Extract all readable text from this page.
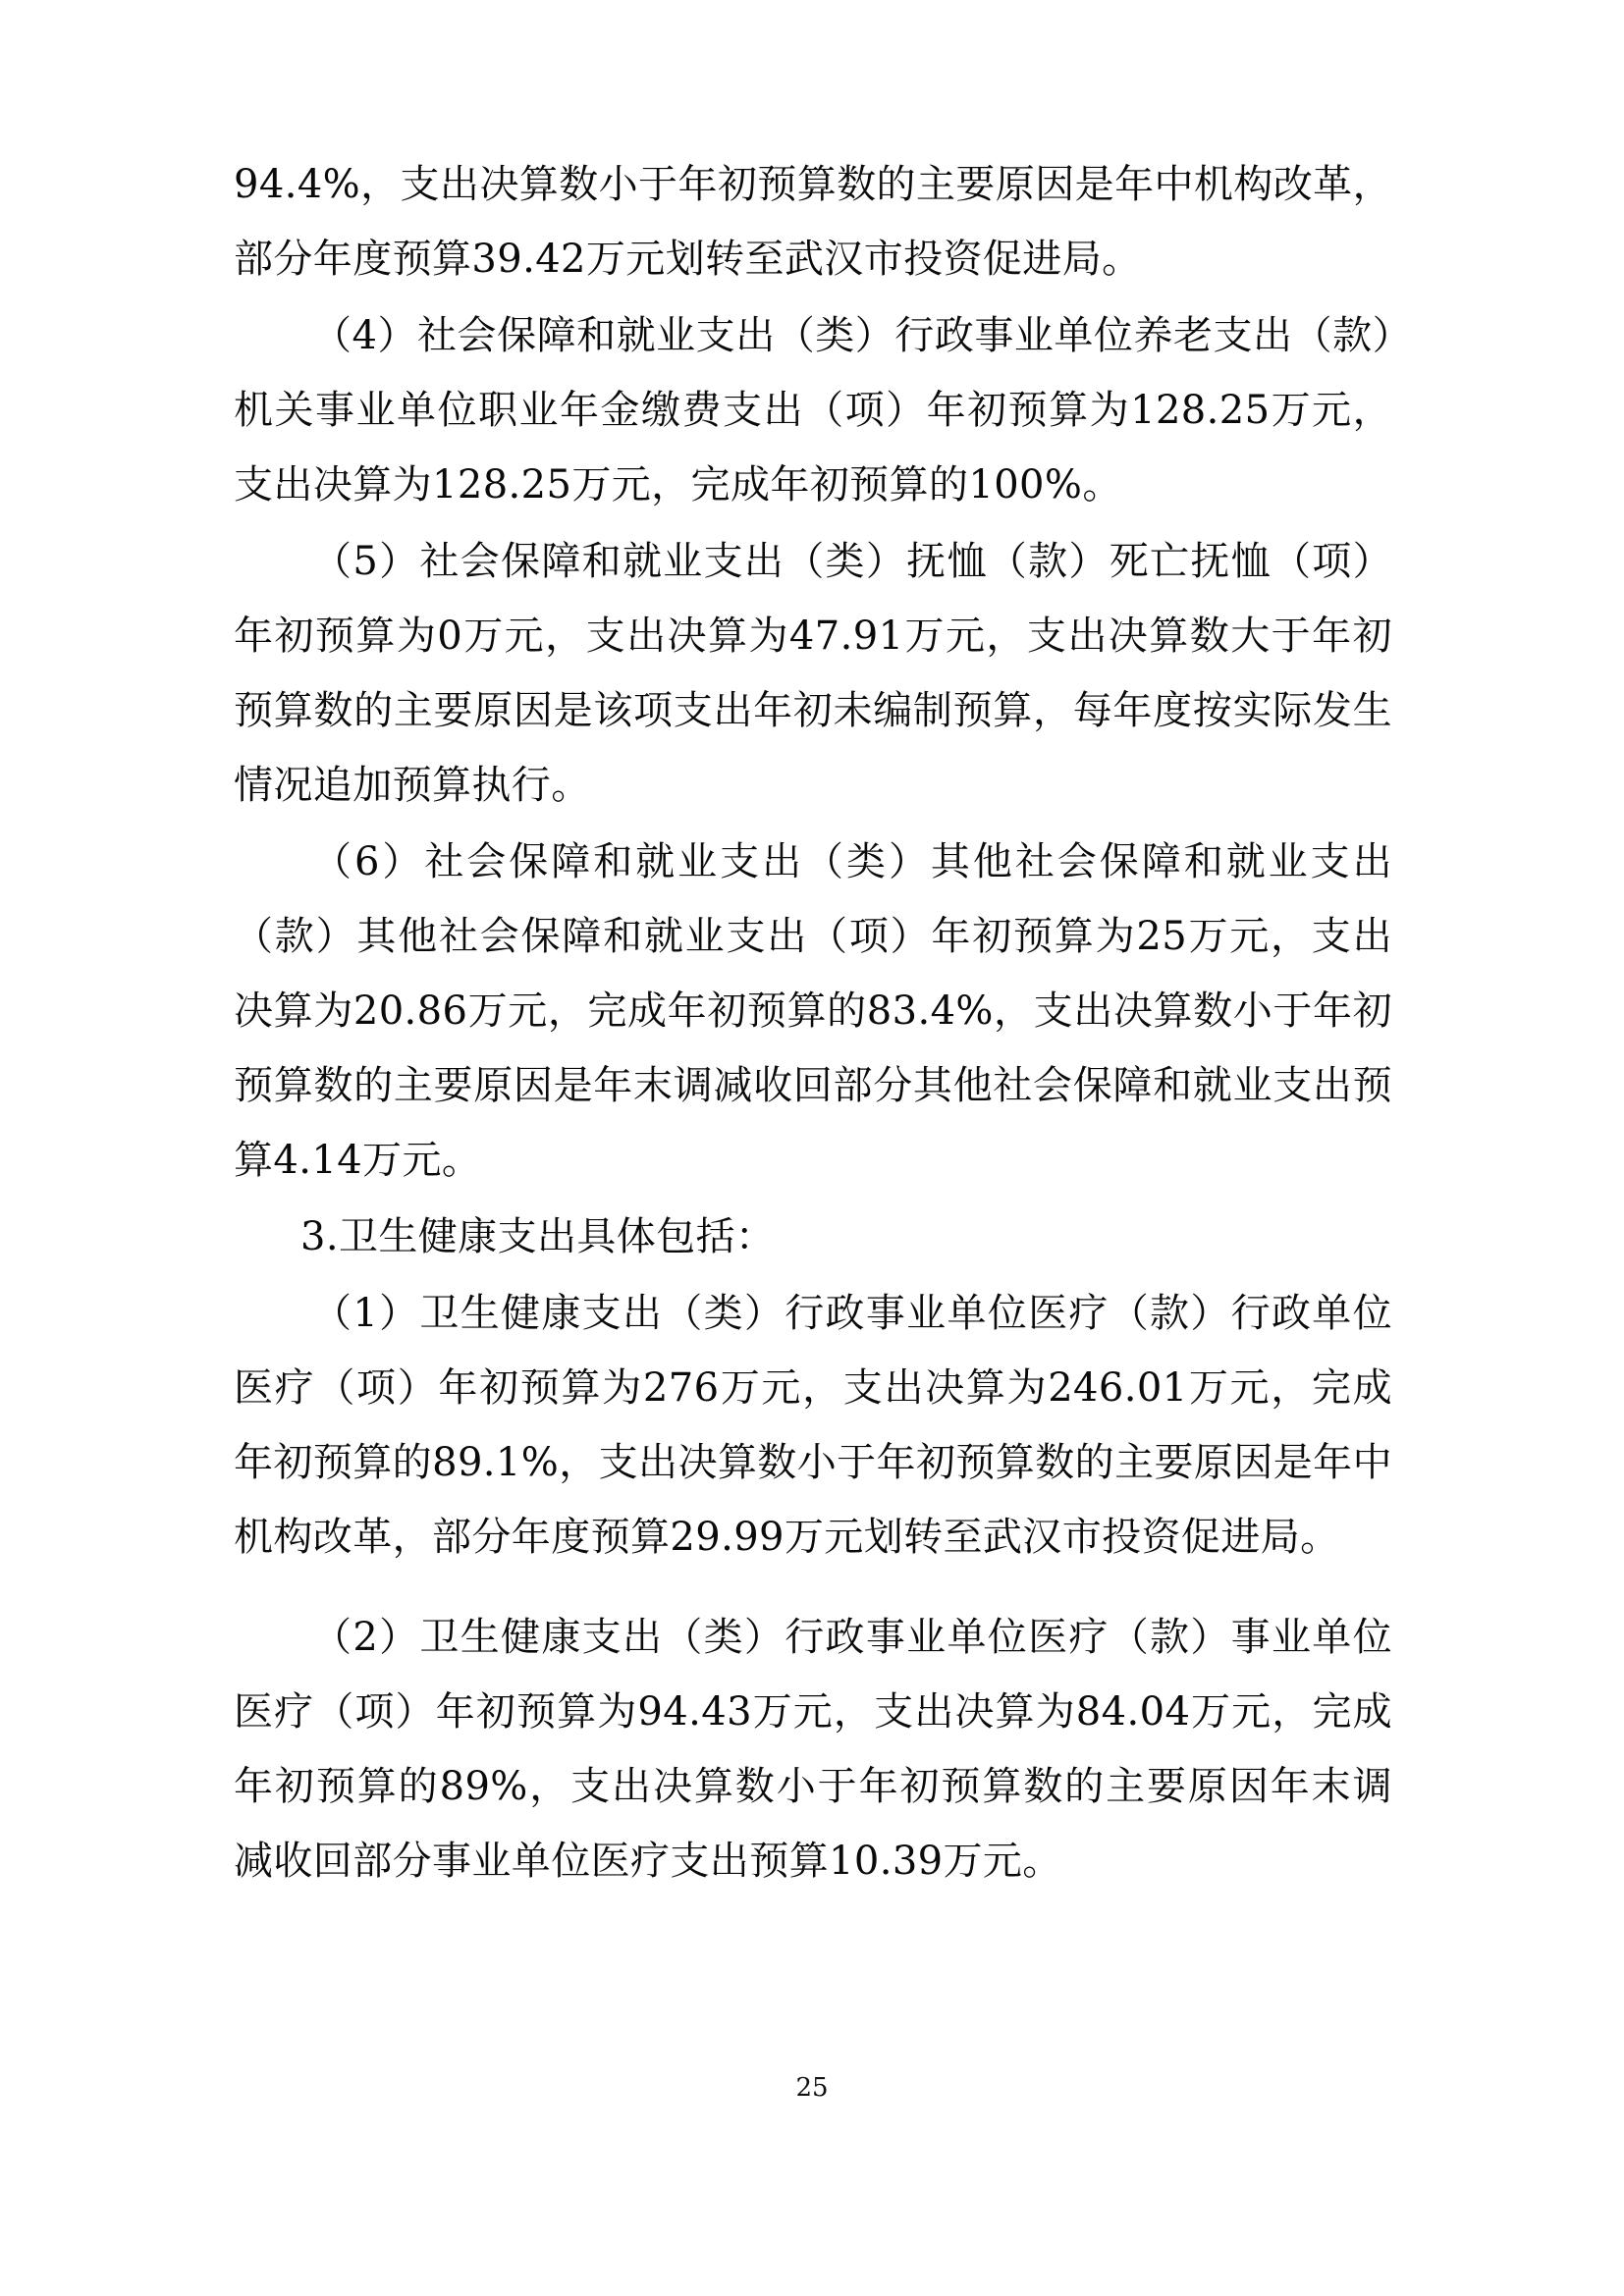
94.4%，支出决算数小于年初预算数的主要原因是年中机构改革，部分年度预算39.42万元划转至武汉市投资促进局。

（4）社会保障和就业支出（类）行政事业单位养老支出（款）机关事业单位职业年金缴费支出（项）年初预算为128.25万元，支出决算为128.25万元，完成年初预算的100%。

（5）社会保障和就业支出（类）抚恤（款）死亡抚恤（项）年初预算为0万元，支出决算为47.91万元，支出决算数大于年初预算数的主要原因是该项支出年初未编制预算，每年度按实际发生情况追加预算执行。

（6）社会保障和就业支出（类）其他社会保障和就业支出（款）其他社会保障和就业支出（项）年初预算为25万元，支出决算为20.86万元，完成年初预算的83.4%，支出决算数小于年初预算数的主要原因是年末调减收回部分其他社会保障和就业支出预算4.14万元。

3.卫生健康支出具体包括：

（1）卫生健康支出（类）行政事业单位医疗（款）行政单位医疗（项）年初预算为276万元，支出决算为246.01万元，完成年初预算的89.1%，支出决算数小于年初预算数的主要原因是年中机构改革，部分年度预算29.99万元划转至武汉市投资促进局。

（2）卫生健康支出（类）行政事业单位医疗（款）事业单位医疗（项）年初预算为94.43万元，支出决算为84.04万元，完成年初预算的89%，支出决算数小于年初预算数的主要原因年末调减收回部分事业单位医疗支出预算10.39万元。

25
